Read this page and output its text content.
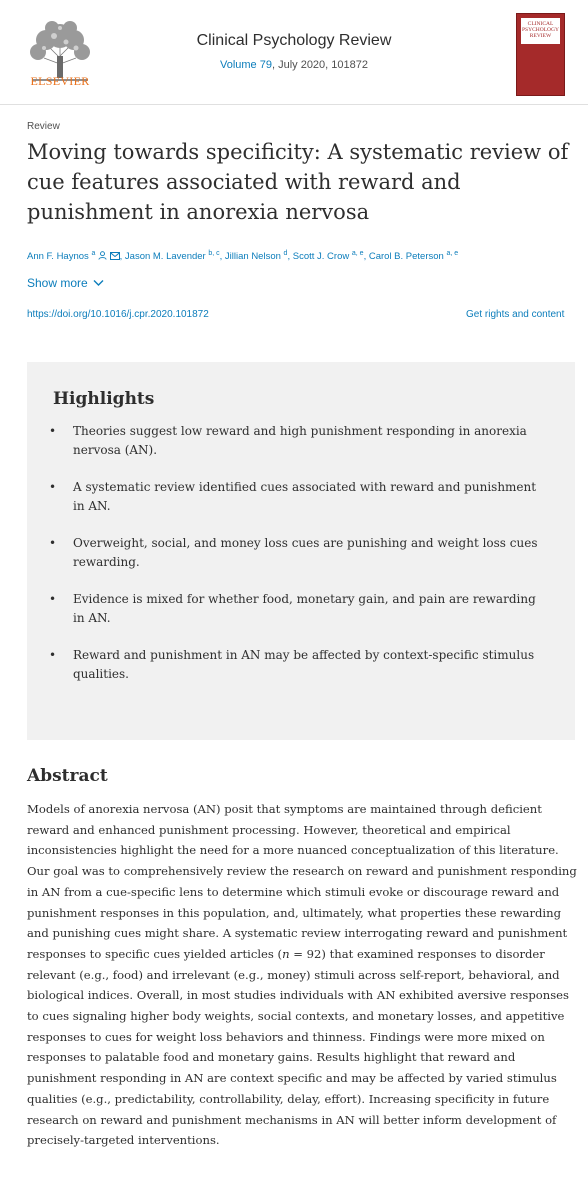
ELSEVIER
Clinical Psychology Review
Volume 79, July 2020, 101872
CLINICAL PSYCHOLOGY REVIEW
Review
Moving towards specificity: A systematic review of cue features associated with reward and punishment in anorexia nervosa
Ann F. Haynos $^a$	, Jason M. Lavender $^{b, c}$, Jillian Nelson $^d$, Scott J. Crow $^{a, e}$, Carol B. Peterson $^{a, e}$
Show more
https://doi.org/10.1016/j.cpr.2020.101872	Get rights and content
Highlights
• Theories suggest low reward and high punishment responding in anorexia nervosa (AN).
• A systematic review identified cues associated with reward and punishment in AN.
• Overweight, social, and money loss cues are punishing and weight loss cues rewarding.
• Evidence is mixed for whether food, monetary gain, and pain are rewarding in AN.
• Reward and punishment in AN may be affected by context-specific stimulus qualities.
Abstract

Models of anorexia nervosa (AN) posit that symptoms are maintained through deficient reward and enhanced punishment processing. However, theoretical and empirical inconsistencies highlight the need for a more nuanced conceptualization of this literature. Our goal was to comprehensively review the research on reward and punishment responding in AN from a cue-specific lens to determine which stimuli evoke or discourage reward and punishment responses in this population, and, ultimately, what properties these rewarding and punishing cues might share. A systematic review interrogating reward and punishment responses to specific cues yielded articles (n = 92) that examined responses to disorder relevant (e.g., food) and irrelevant (e.g., money) stimuli across self-report, behavioral, and biological indices. Overall, in most studies individuals with AN exhibited aversive responses to cues signaling higher body weights, social contexts, and monetary losses, and appetitive responses to cues for weight loss behaviors and thinness. Findings were more mixed on responses to palatable food and monetary gains. Results highlight that reward and punishment responding in AN are context specific and may be affected by varied stimulus qualities (e.g., predictability, controllability, delay, effort). Increasing specificity in future research on reward and punishment mechanisms in AN will better inform development of precisely-targeted interventions.
